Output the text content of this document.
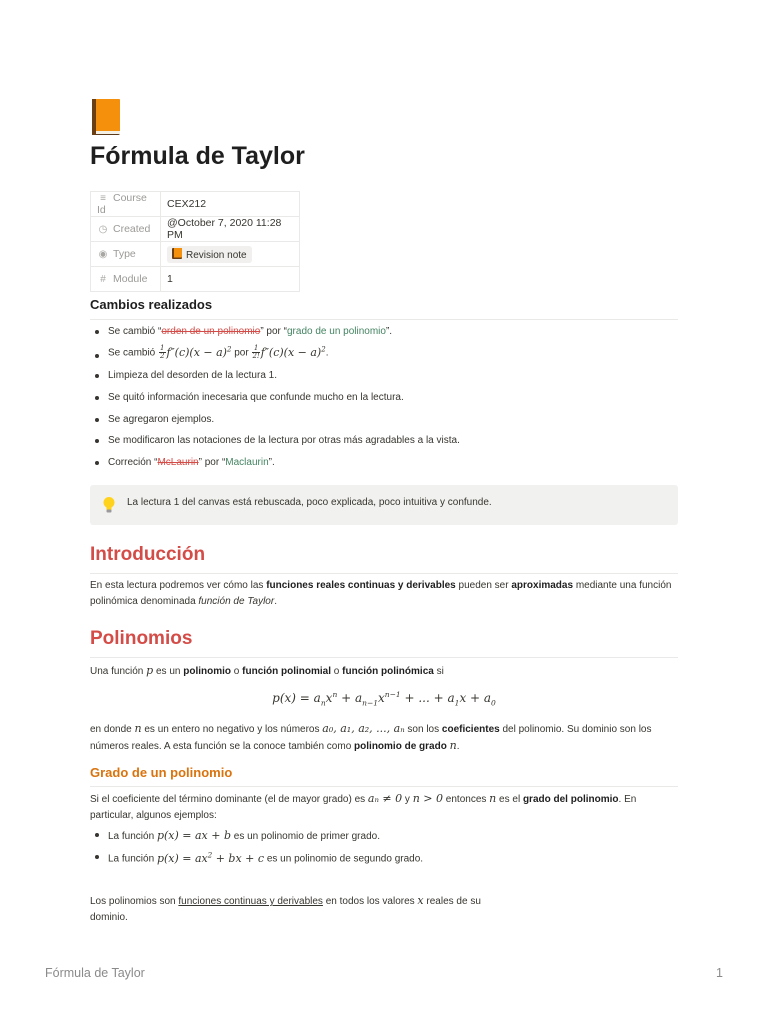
Fórmula de Taylor
≡ Course Id	CEX212
◷ Created	@October 7, 2020 11:28 PM
◉ Type	Revision note
# Module	1
Cambios realizados
Se cambió “orden de un polinomio” por “grado de un polinomio”.
Se cambió $\frac{1}{2} f''(c)(x - a)^2$ por $\frac{1}{2!} f''(c)(x - a)^2$.
Limpieza del desorden de la lectura 1.
Se quitó información inecesaria que confunde mucho en la lectura.
Se agregaron ejemplos.
Se modificaron las notaciones de la lectura por otras más agradables a la vista.
Correción “McLaurin” por “Maclaurin”.
La lectura 1 del canvas está rebuscada, poco explicada, poco intuitiva y confunde.
Introducción
En esta lectura podremos ver cómo las funciones reales continuas y derivables pueden ser aproximadas mediante una función
polinómica denominada función de Taylor.
Polinomios
Una función p es un polinomio o función polinomial o función polinómica si
$p(x) = a_nx^n + a_{n-1}x^{n-1}$ + ... + $a_1x + a_0$
en donde n es un entero no negativo y los números a₀, a₁, a₂, ..., aₙ son los coeficientes del polinomio. Su dominio son los
números reales. A esta función se la conoce también como polinomio de grado n.
Grado de un polinomio
Si el coeficiente del término dominante (el de mayor grado) es aₙ ≠ 0 y n > 0 entonces n es el grado del polinomio. En
particular, algunos ejemplos:
La función p(x) = ax + b es un polinomio de primer grado.
La función $p(x) = ax^2$ + bx + c es un polinomio de segundo grado.
Los polinomios son funciones continuas y derivables en todos los valores x reales de su
dominio.
Fórmula de Taylor	1
